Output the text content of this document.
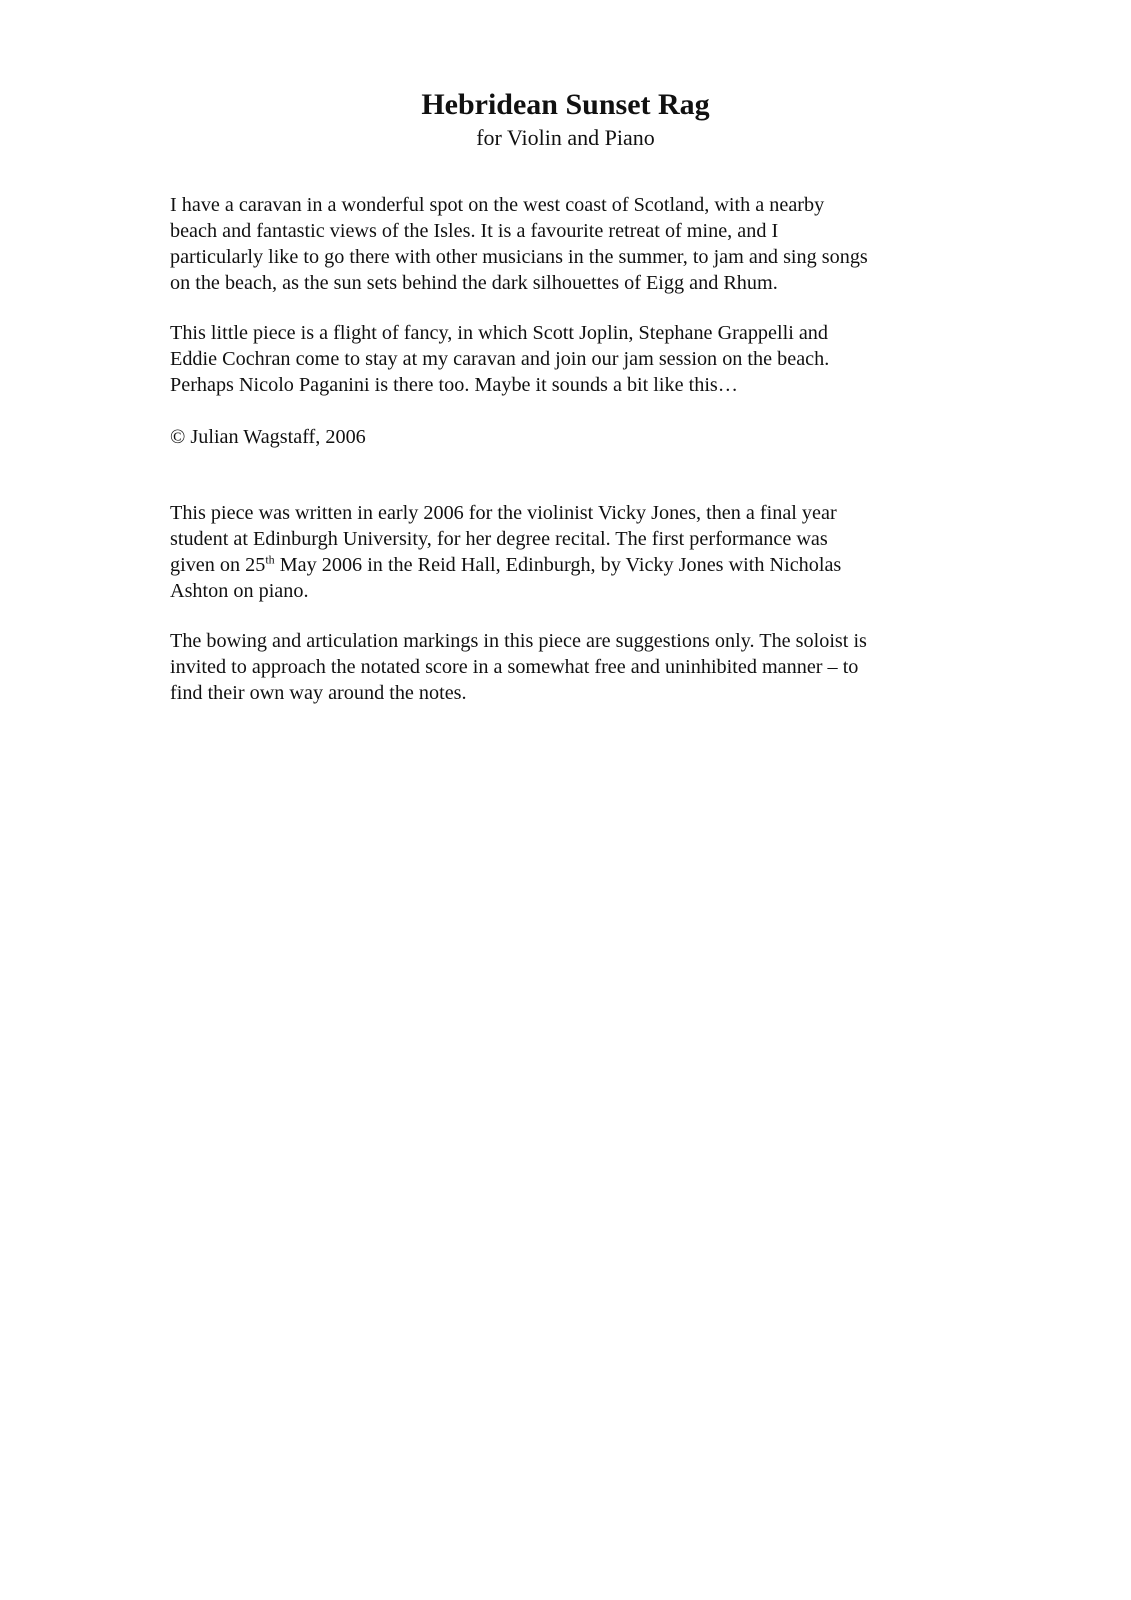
Hebridean Sunset Rag
for Violin and Piano
I have a caravan in a wonderful spot on the west coast of Scotland, with a nearby
beach and fantastic views of the Isles. It is a favourite retreat of mine, and I
particularly like to go there with other musicians in the summer, to jam and sing songs
on the beach, as the sun sets behind the dark silhouettes of Eigg and Rhum.
This little piece is a flight of fancy, in which Scott Joplin, Stephane Grappelli and
Eddie Cochran come to stay at my caravan and join our jam session on the beach.
Perhaps Nicolo Paganini is there too. Maybe it sounds a bit like this…
© Julian Wagstaff, 2006
This piece was written in early 2006 for the violinist Vicky Jones, then a final year
student at Edinburgh University, for her degree recital. The first performance was
given on 25th May 2006 in the Reid Hall, Edinburgh, by Vicky Jones with Nicholas
Ashton on piano.
The bowing and articulation markings in this piece are suggestions only. The soloist is
invited to approach the notated score in a somewhat free and uninhibited manner – to
find their own way around the notes.
